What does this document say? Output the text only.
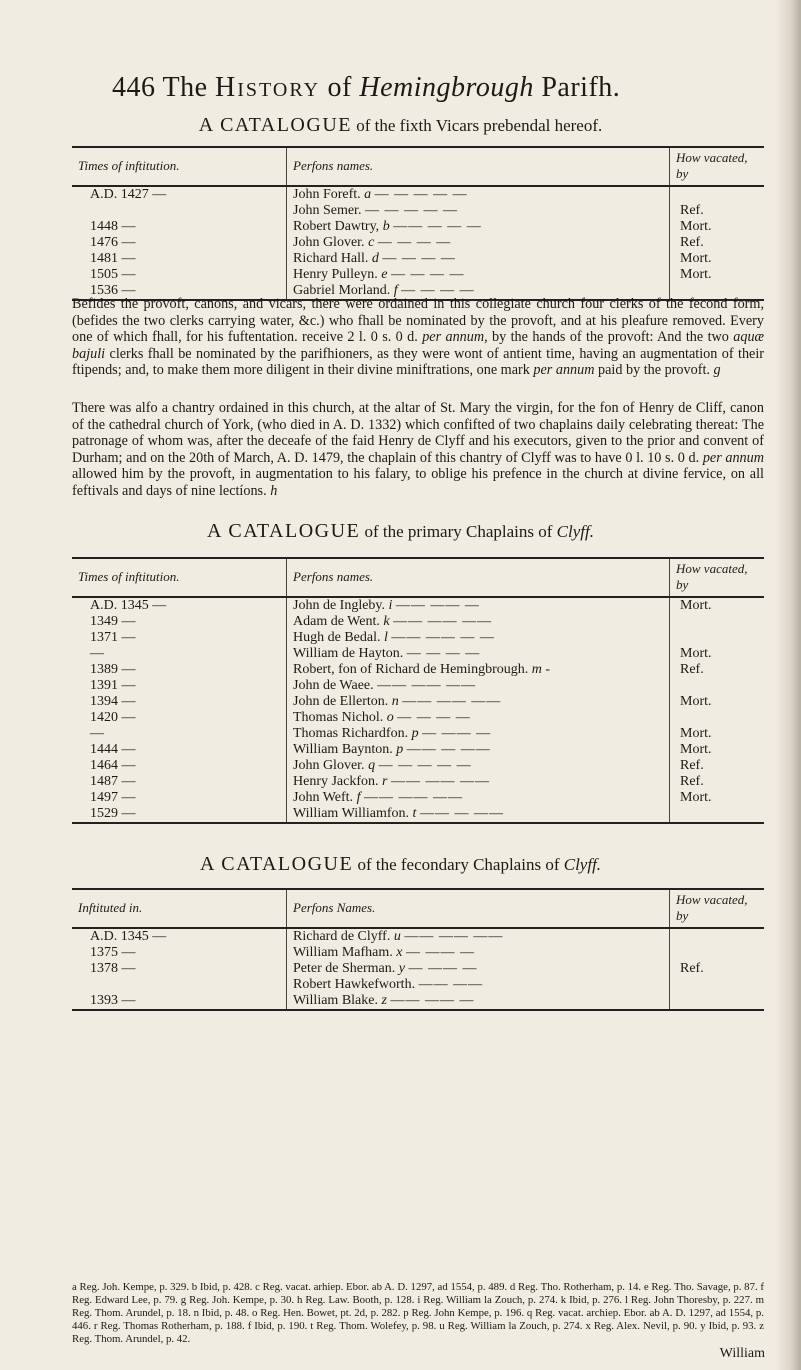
446 The History of Hemingbrough Parifh.
A CATALOGUE of the fixth Vicars prebendal hereof.
Times of inftitution.	Perfons names.	How vacated, by
A.D. 1427 —	John Foreft. a — — — — —	
	John Semer. — — — — —	Ref.
1448 —	Robert Dawtry, b —— — — —	Mort.
1476 —	John Glover. c — — — —	Ref.
1481 —	Richard Hall. d — — — —	Mort.
1505 —	Henry Pulleyn. e — — — —	Mort.
1536 —	Gabriel Morland. f — — — —	

Befides the provoft, canons, and vicars, there were ordained in this collegiate church four clerks of the fecond form, (befides the two clerks carrying water, &c.) who fhall be nominated by the provoft, and at his pleafure removed. Every one of which fhall, for his fuftentation. receive 2 l. 0 s. 0 d. per annum, by the hands of the provoft: And the two aquæ bajuli clerks fhall be nominated by the parifhioners, as they were wont of antient time, having an augmentation of their ftipends; and, to make them more diligent in their divine miniftrations, one mark per annum paid by the provoft. g

There was alfo a chantry ordained in this church, at the altar of St. Mary the virgin, for the fon of Henry de Cliff, canon of the cathedral church of York, (who died in A. D. 1332) which confifted of two chaplains daily celebrating thereat: The patronage of whom was, after the deceafe of the faid Henry de Clyff and his executors, given to the prior and convent of Durham; and on the 20th of March, A. D. 1479, the chaplain of this chantry of Clyff was to have 0 l. 10 s. 0 d. per annum allowed him by the provoft, in augmentation to his falary, to oblige his prefence in the church at divine fervice, on all feftivals and days of nine lectíons. h

A CATALOGUE of the primary Chaplains of Clyff.
Times of inftitution.	Perfons names.	How vacated, by
A.D. 1345 —	John de Ingleby. i —— —— —	Mort.
1349 —	Adam de Went. k —— —— ——	
1371 —	Hugh de Bedal. l —— —— — —	
—	William de Hayton. — — — —	Mort.
1389 —	Robert, fon of Richard de Hemingbrough. m -	Ref.
1391 —	John de Waee. —— —— ——	
1394 —	John de Ellerton. n —— —— ——	Mort.
1420 —	Thomas Nichol. o — — — —	
—	Thomas Richardfon. p — —— —	Mort.
1444 —	William Baynton. p —— — ——	Mort.
1464 —	John Glover. q — — — — —	Ref.
1487 —	Henry Jackfon. r —— —— ——	Ref.
1497 —	John Weft. f —— —— ——	Mort.
1529 —	William Williamfon. t —— — ——	
A CATALOGUE of the fecondary Chaplains of Clyff.
Inftituted in.	Perfons Names.	How vacated, by
A.D. 1345 —	Richard de Clyff. u —— —— ——	
1375 —	William Mafham. x — —— —	
1378 —	Peter de Sherman. y — —— —	Ref.
	Robert Hawkefworth. —— ——	
1393 —	William Blake. z —— —— —	
a Reg. Joh. Kempe, p. 329. b Ibid, p. 428. c Reg. vacat. arhiep. Ebor. ab A. D. 1297, ad 1554, p. 489. d Reg. Tho. Rotherham, p. 14. e Reg. Tho. Savage, p. 87. f Reg. Edward Lee, p. 79. g Reg. Joh. Kempe, p. 30. h Reg. Law. Booth, p. 128. i Reg. William la Zouch, p. 274. k Ibid, p. 276. l Reg. John Thoresby, p. 227. m Reg. Thom. Arundel, p. 18. n Ibid, p. 48. o Reg. Hen. Bowet, pt. 2d, p. 282. p Reg. John Kempe, p. 196. q Reg. vacat. archiep. Ebor. ab A. D. 1297, ad 1554, p. 446. r Reg. Thomas Rotherham, p. 188. f Ibid, p. 190. t Reg. Thom. Wolefey, p. 98. u Reg. William la Zouch, p. 274. x Reg. Alex. Nevil, p. 90. y Ibid, p. 93. z Reg. Thom. Arundel, p. 42.
William
